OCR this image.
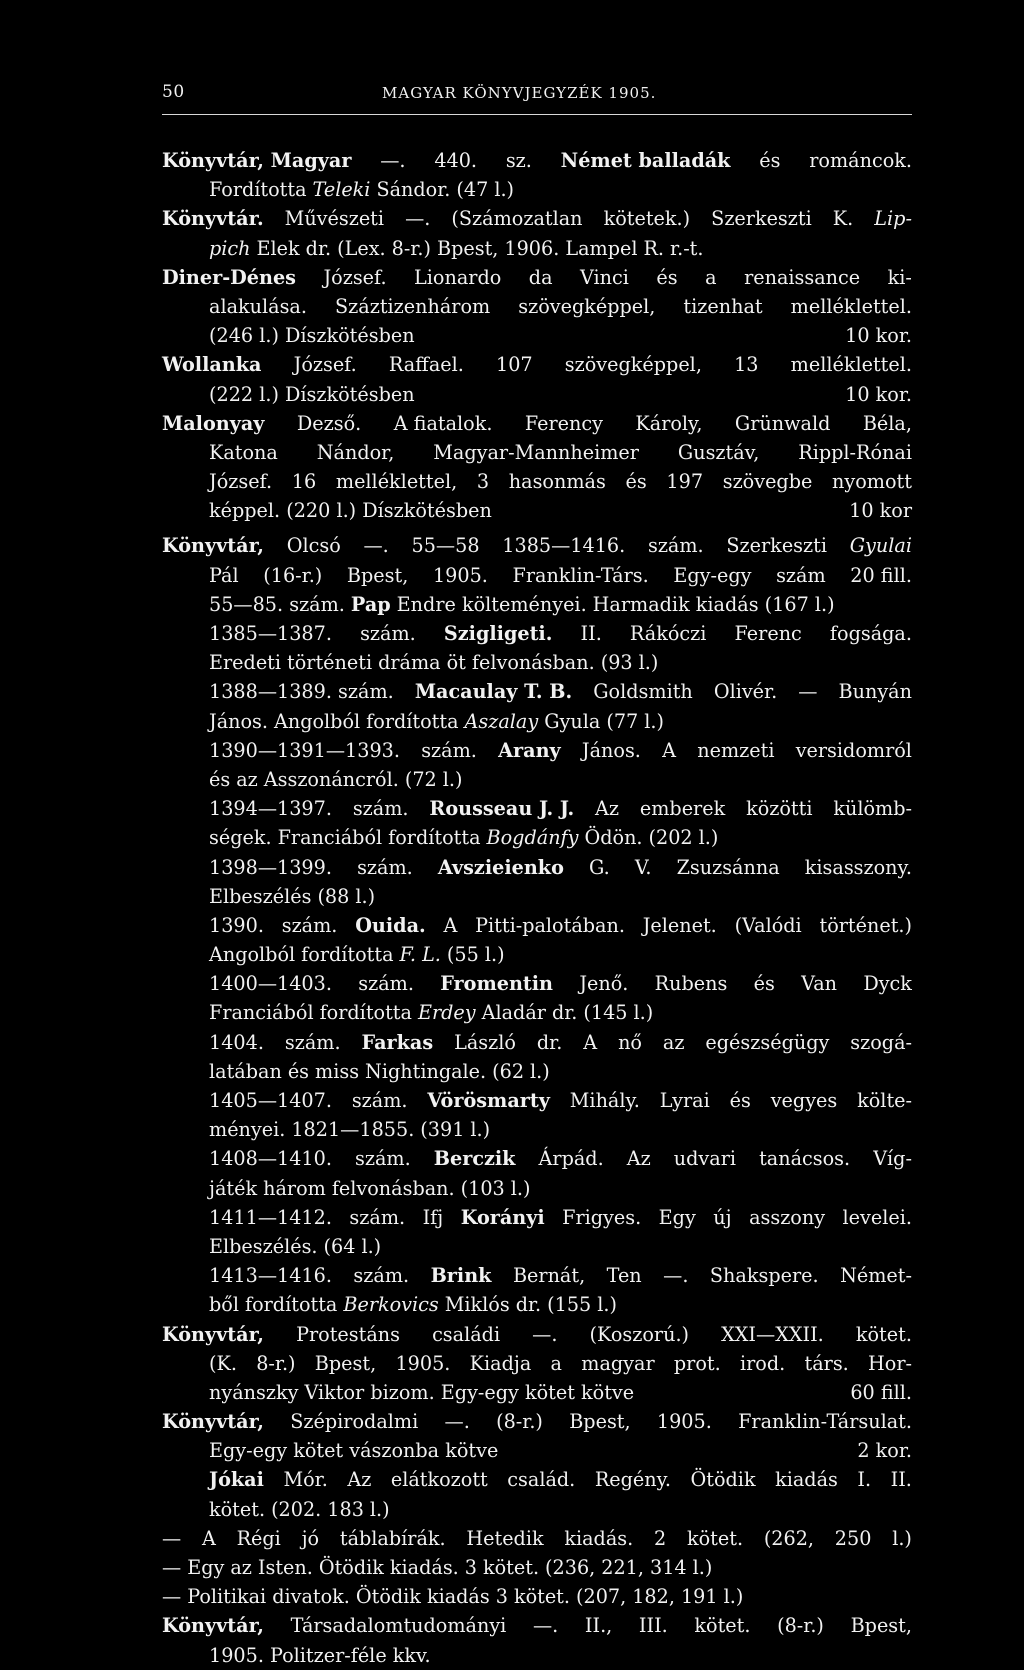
50	MAGYAR KÖNYVJEGYZÉK 1905.
Könyvtár, Magyar —. 440. sz. Német balladák és románcok.
Fordította Teleki Sándor. (47 l.)
Könyvtár. Művészeti —. (Számozatlan kötetek.) Szerkeszti K. Lip-
pich Elek dr. (Lex. 8-r.) Bpest, 1906. Lampel R. r.-t.
Diner-Dénes József. Lionardo da Vinci és a renaissance ki-
alakulása. Száztizenhárom szövegképpel, tizenhat melléklettel.
(246 l.) Díszkötésben	10 kor.
Wollanka József. Raffael. 107 szövegképpel, 13 melléklettel.
(222 l.) Díszkötésben	10 kor.
Malonyay Dezső. A fiatalok. Ferency Károly, Grünwald Béla,
Katona Nándor, Magyar-Mannheimer Gusztáv, Rippl-Rónai
József. 16 melléklettel, 3 hasonmás és 197 szövegbe nyomott
képpel. (220 l.) Díszkötésben	10 kor
Könyvtár, Olcsó —. 55—58 1385—1416. szám. Szerkeszti Gyulai
Pál (16-r.) Bpest, 1905. Franklin-Társ. Egy-egy szám 20 fill.
55—85. szám. Pap Endre költeményei. Harmadik kiadás (167 l.)
1385—1387. szám. Szigligeti. II. Rákóczi Ferenc fogsága.
Eredeti történeti dráma öt felvonásban. (93 l.)
1388—1389. szám. Macaulay T. B. Goldsmith Olivér. — Bunyán
János. Angolból fordította Aszalay Gyula (77 l.)
1390—1391—1393. szám. Arany János. A nemzeti versidomról
és az Asszonáncról. (72 l.)
1394—1397. szám. Rousseau J. J. Az emberek közötti külömb-
ségek. Franciából fordította Bogdánfy Ödön. (202 l.)
1398—1399. szám. Avszieienko G. V. Zsuzsánna kisasszony.
Elbeszélés (88 l.)
1390. szám. Ouida. A Pitti-palotában. Jelenet. (Valódi történet.)
Angolból fordította F. L. (55 l.)
1400—1403. szám. Fromentin Jenő. Rubens és Van Dyck
Franciából fordította Erdey Aladár dr. (145 l.)
1404. szám. Farkas László dr. A nő az egészségügy szogá-
latában és miss Nightingale. (62 l.)
1405—1407. szám. Vörösmarty Mihály. Lyrai és vegyes költe-
ményei. 1821—1855. (391 l.)
1408—1410. szám. Berczik Árpád. Az udvari tanácsos. Víg-
játék három felvonásban. (103 l.)
1411—1412. szám. Ifj Korányi Frigyes. Egy új asszony levelei.
Elbeszélés. (64 l.)
1413—1416. szám. Brink Bernát, Ten —. Shakspere. Német-
ből fordította Berkovics Miklós dr. (155 l.)
Könyvtár, Protestáns családi —. (Koszorú.) XXI—XXII. kötet.
(K. 8-r.) Bpest, 1905. Kiadja a magyar prot. irod. társ. Hor-
nyánszky Viktor bizom. Egy-egy kötet kötve	60 fill.
Könyvtár, Szépirodalmi —. (8-r.) Bpest, 1905. Franklin-Társulat.
Egy-egy kötet vászonba kötve	2 kor.
Jókai Mór. Az elátkozott család. Regény. Ötödik kiadás I. II.
kötet. (202. 183 l.)
— A Régi jó táblabírák. Hetedik kiadás. 2 kötet. (262, 250 l.)
— Egy az Isten. Ötödik kiadás. 3 kötet. (236, 221, 314 l.)
— Politikai divatok. Ötödik kiadás 3 kötet. (207, 182, 191 l.)
Könyvtár, Társadalomtudományi —. II., III. kötet. (8-r.) Bpest,
1905. Politzer-féle kkv.
